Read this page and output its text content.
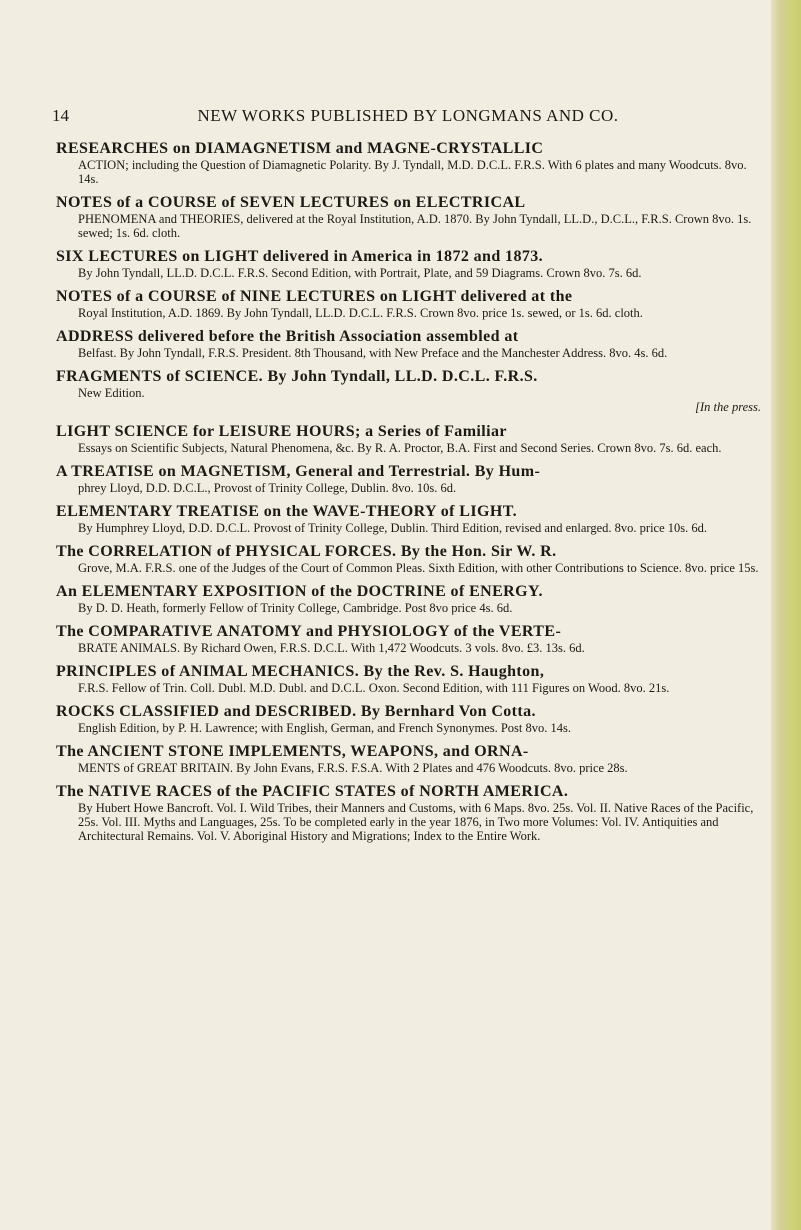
14	NEW WORKS PUBLISHED BY LONGMANS AND CO.
RESEARCHES on DIAMAGNETISM and MAGNE-CRYSTALLIC
ACTION; including the Question of Diamagnetic Polarity. By J. Tyndall, M.D. D.C.L. F.R.S. With 6 plates and many Woodcuts. 8vo. 14s.
NOTES of a COURSE of SEVEN LECTURES on ELECTRICAL
PHENOMENA and THEORIES, delivered at the Royal Institution, A.D. 1870. By John Tyndall, LL.D., D.C.L., F.R.S. Crown 8vo. 1s. sewed; 1s. 6d. cloth.
SIX LECTURES on LIGHT delivered in America in 1872 and 1873.
By John Tyndall, LL.D. D.C.L. F.R.S. Second Edition, with Portrait, Plate, and 59 Diagrams. Crown 8vo. 7s. 6d.
NOTES of a COURSE of NINE LECTURES on LIGHT delivered at the
Royal Institution, A.D. 1869. By John Tyndall, LL.D. D.C.L. F.R.S. Crown 8vo. price 1s. sewed, or 1s. 6d. cloth.
ADDRESS delivered before the British Association assembled at
Belfast. By John Tyndall, F.R.S. President. 8th Thousand, with New Preface and the Manchester Address. 8vo. 4s. 6d.
FRAGMENTS of SCIENCE. By John Tyndall, LL.D. D.C.L. F.R.S.
New Edition.
[In the press.
LIGHT SCIENCE for LEISURE HOURS; a Series of Familiar
Essays on Scientific Subjects, Natural Phenomena, &c. By R. A. Proctor, B.A. First and Second Series. Crown 8vo. 7s. 6d. each.
A TREATISE on MAGNETISM, General and Terrestrial. By Hum-
phrey Lloyd, D.D. D.C.L., Provost of Trinity College, Dublin. 8vo. 10s. 6d.
ELEMENTARY TREATISE on the WAVE-THEORY of LIGHT.
By Humphrey Lloyd, D.D. D.C.L. Provost of Trinity College, Dublin. Third Edition, revised and enlarged. 8vo. price 10s. 6d.
The CORRELATION of PHYSICAL FORCES. By the Hon. Sir W. R.
Grove, M.A. F.R.S. one of the Judges of the Court of Common Pleas. Sixth Edition, with other Contributions to Science. 8vo. price 15s.
An ELEMENTARY EXPOSITION of the DOCTRINE of ENERGY.
By D. D. Heath, formerly Fellow of Trinity College, Cambridge. Post 8vo price 4s. 6d.
The COMPARATIVE ANATOMY and PHYSIOLOGY of the VERTE-
BRATE ANIMALS. By Richard Owen, F.R.S. D.C.L. With 1,472 Woodcuts. 3 vols. 8vo. £3. 13s. 6d.
PRINCIPLES of ANIMAL MECHANICS. By the Rev. S. Haughton,
F.R.S. Fellow of Trin. Coll. Dubl. M.D. Dubl. and D.C.L. Oxon. Second Edition, with 111 Figures on Wood. 8vo. 21s.
ROCKS CLASSIFIED and DESCRIBED. By Bernhard Von Cotta.
English Edition, by P. H. Lawrence; with English, German, and French Synonymes. Post 8vo. 14s.
The ANCIENT STONE IMPLEMENTS, WEAPONS, and ORNA-
MENTS of GREAT BRITAIN. By John Evans, F.R.S. F.S.A. With 2 Plates and 476 Woodcuts. 8vo. price 28s.
The NATIVE RACES of the PACIFIC STATES of NORTH AMERICA.
By Hubert Howe Bancroft. Vol. I. Wild Tribes, their Manners and Customs, with 6 Maps. 8vo. 25s. Vol. II. Native Races of the Pacific, 25s. Vol. III. Myths and Languages, 25s. To be completed early in the year 1876, in Two more Volumes: Vol. IV. Antiquities and Architectural Remains. Vol. V. Aboriginal History and Migrations; Index to the Entire Work.
